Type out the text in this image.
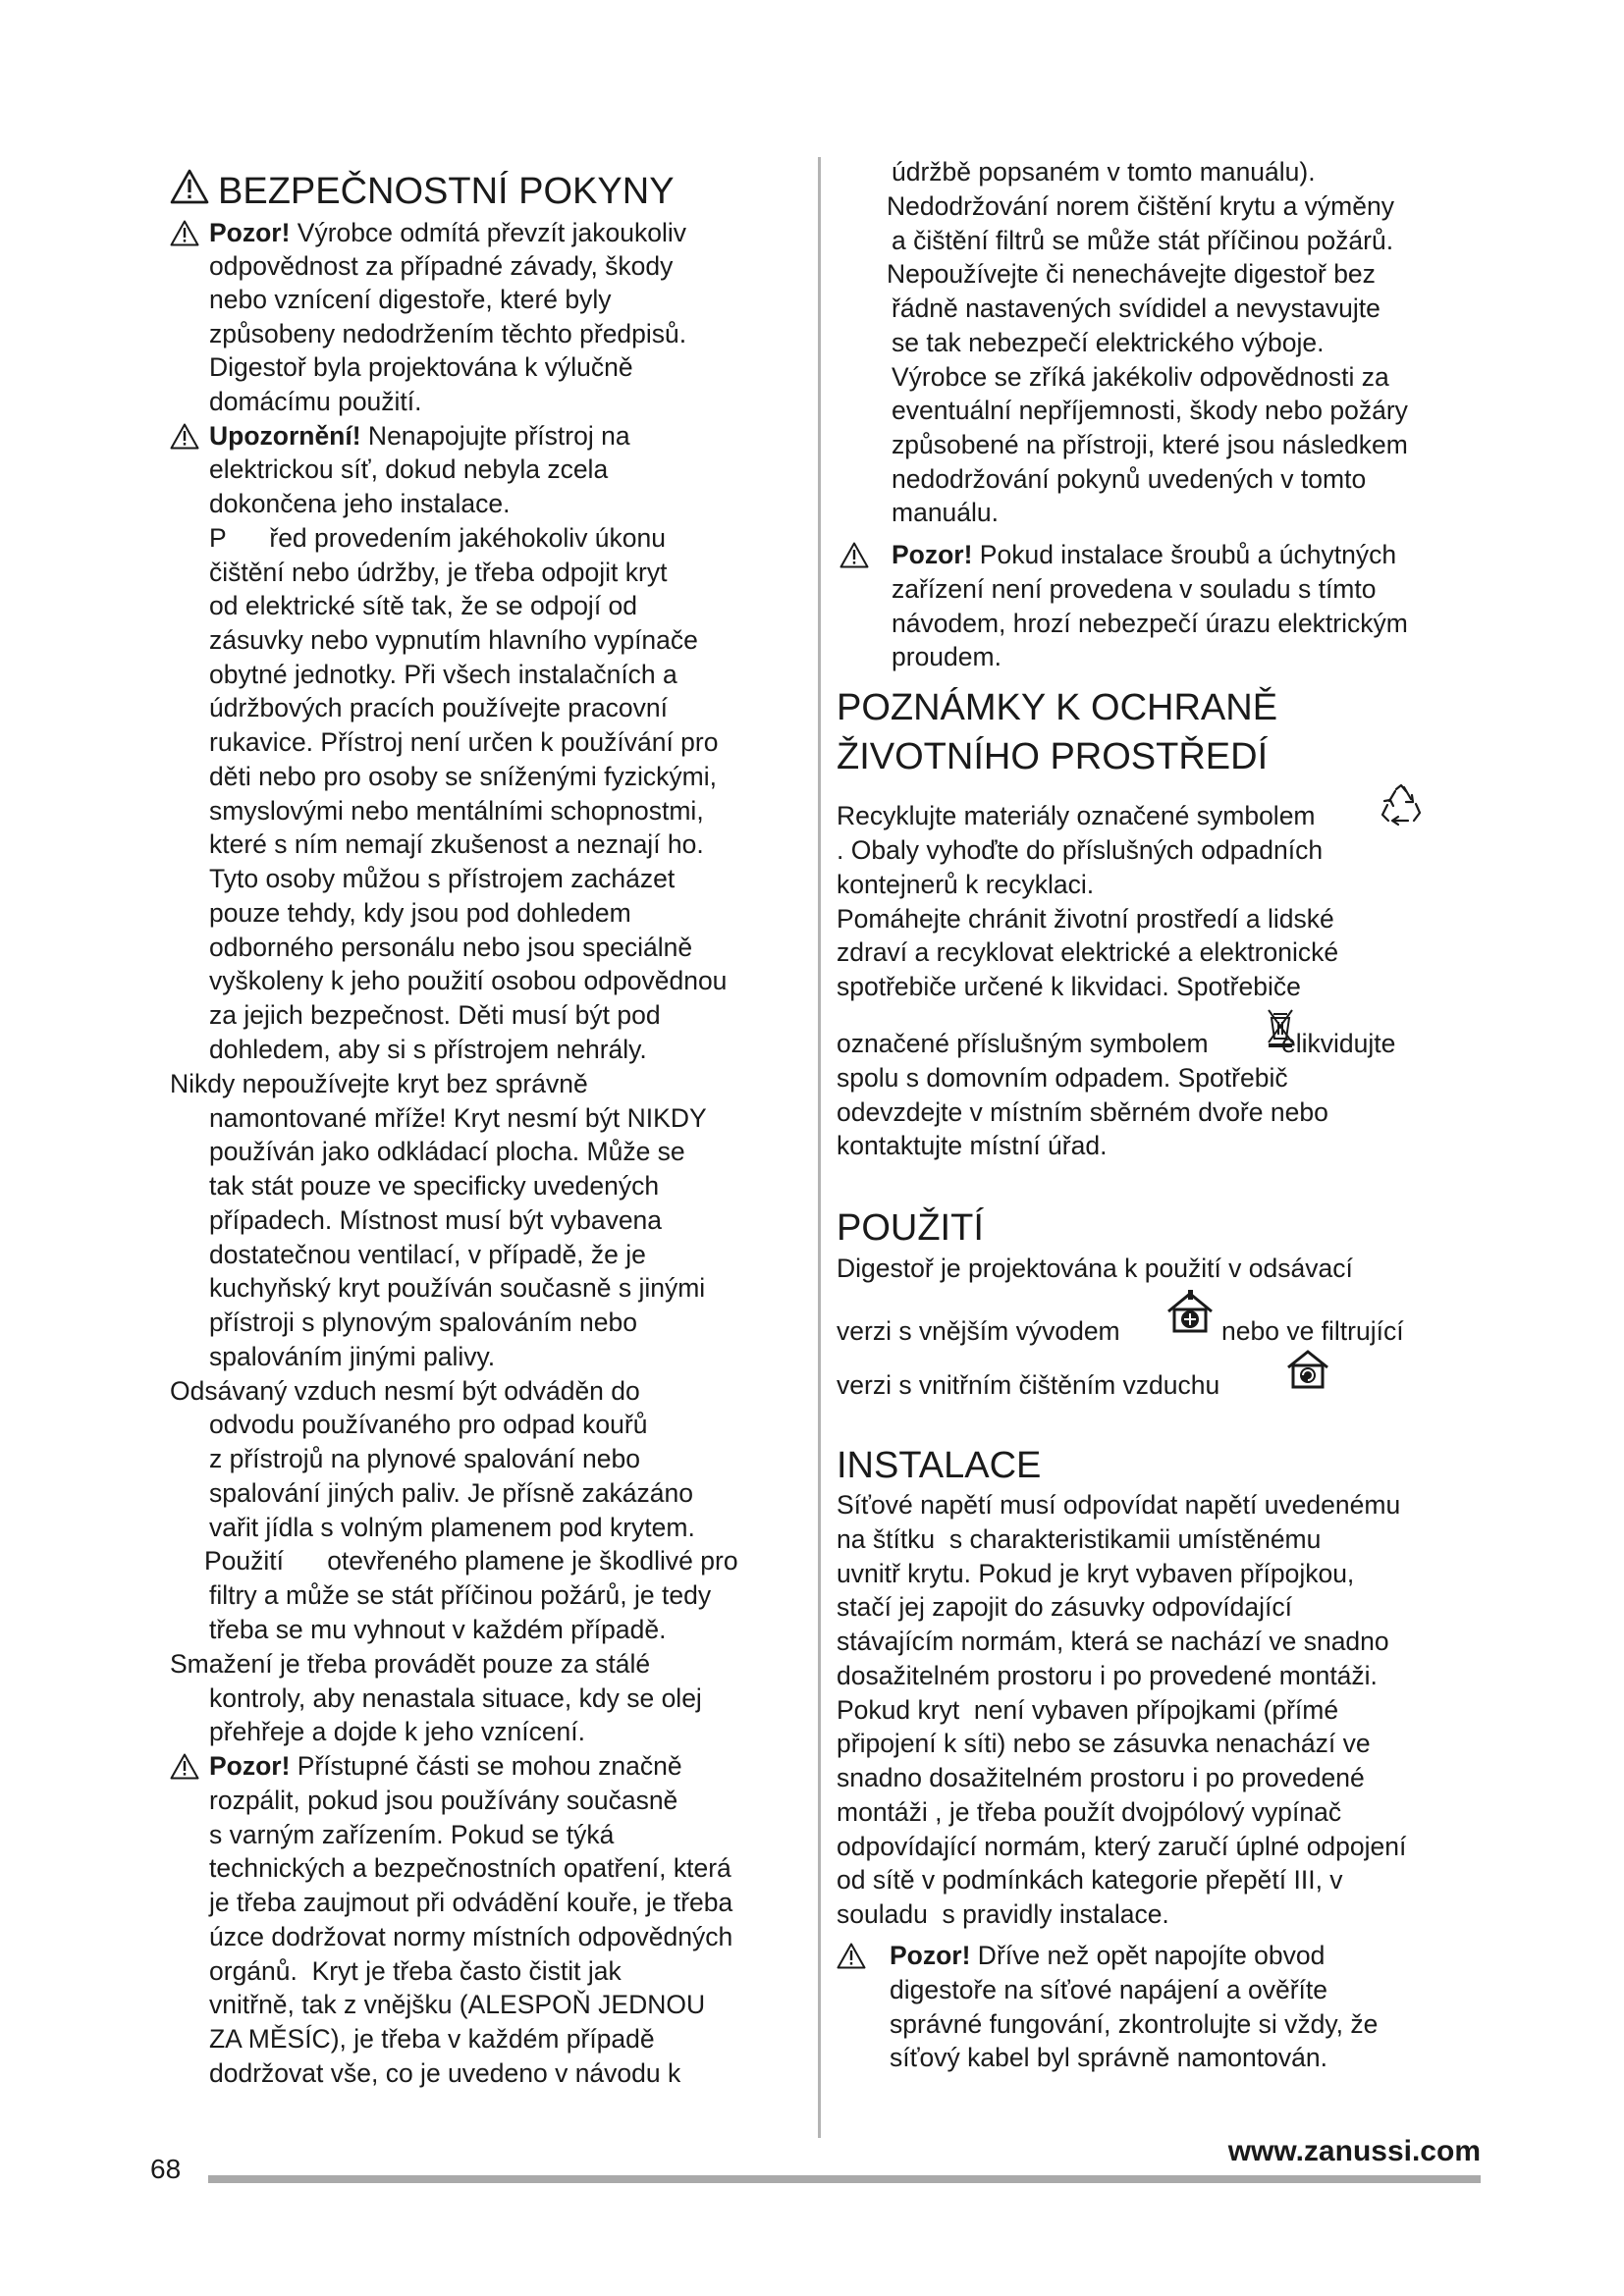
BEZPEČNOSTNÍ POKYNY
Pozor! Výrobce odmítá převzít jakoukoliv
odpovědnost za případné závady, škody
nebo vznícení digestoře, které byly
způsobeny nedodržením těchto předpisů.
Digestoř byla projektována k výlučně
domácímu použití.
Upozornění! Nenapojujte přístroj na
elektrickou síť, dokud nebyla zcela
dokončena jeho instalace.
P      řed provedením jakéhokoliv úkonu
čištění nebo údržby, je třeba odpojit kryt
od elektrické sítě tak, že se odpojí od
zásuvky nebo vypnutím hlavního vypínače
obytné jednotky. Při všech instalačních a
údržbových pracích používejte pracovní
rukavice. Přístroj není určen k používání pro
děti nebo pro osoby se sníženými fyzickými,
smyslovými nebo mentálními schopnostmi,
které s ním nemají zkušenost a neznají ho.
Tyto osoby můžou s přístrojem zacházet
pouze tehdy, kdy jsou pod dohledem
odborného personálu nebo jsou speciálně
vyškoleny k jeho použití osobou odpovědnou
za jejich bezpečnost. Děti musí být pod
dohledem, aby si s přístrojem nehrály.
Nikdy nepoužívejte kryt bez správně
namontované mříže! Kryt nesmí být NIKDY
používán jako odkládací plocha. Může se
tak stát pouze ve specificky uvedených
případech. Místnost musí být vybavena
dostatečnou ventilací, v případě, že je
kuchyňský kryt používán současně s jinými
přístroji s plynovým spalováním nebo
spalováním jinými palivy.
Odsávaný vzduch nesmí být odváděn do
odvodu používaného pro odpad kouřů
z přístrojů na plynové spalování nebo
spalování jiných paliv. Je přísně zakázáno
vařit jídla s volným plamenem pod krytem.
Použití      otevřeného plamene je škodlivé pro
filtry a může se stát příčinou požárů, je tedy
třeba se mu vyhnout v každém případě.
Smažení je třeba provádět pouze za stálé
kontroly, aby nenastala situace, kdy se olej
přehřeje a dojde k jeho vznícení.
Pozor! Přístupné části se mohou značně
rozpálit, pokud jsou používány současně
s varným zařízením. Pokud se týká
technických a bezpečnostních opatření, která
je třeba zaujmout při odvádění kouře, je třeba
úzce dodržovat normy místních odpovědných
orgánů.  Kryt je třeba často čistit jak
vnitřně, tak z vnějšku (ALESPOŇ JEDNOU
ZA MĚSÍC), je třeba v každém případě
dodržovat vše, co je uvedeno v návodu k
údržbě popsaném v tomto manuálu).
Nedodržování norem čištění krytu a výměny
a čištění filtrů se může stát příčinou požárů.
Nepoužívejte či nenechávejte digestoř bez
řádně nastavených svídidel a nevystavujte
se tak nebezpečí elektrického výboje.
Výrobce se zříká jakékoliv odpovědnosti za
eventuální nepříjemnosti, škody nebo požáry
způsobené na přístroji, které jsou následkem
nedodržování pokynů uvedených v tomto
manuálu.
Pozor! Pokud instalace šroubů a úchytných
zařízení není provedena v souladu s tímto
návodem, hrozí nebezpečí úrazu elektrickým
proudem.
POZNÁMKY K OCHRANĚ
ŽIVOTNÍHO PROSTŘEDÍ
Recyklujte materiály označené symbolem
. Obaly vyhoďte do příslušných odpadních
kontejnerů k recyklaci.
Pomáhejte chránit životní prostředí a lidské
zdraví a recyklovat elektrické a elektronické
spotřebiče určené k likvidaci. Spotřebiče
označené příslušným symbolem	elikvidujte
spolu s domovním odpadem. Spotřebič
odevzdejte v místním sběrném dvoře nebo
kontaktujte místní úřad.
POUŽITÍ
Digestoř je projektována k použití v odsávací
verzi s vnějším vývodem	nebo ve filtrující
verzi s vnitřním čištěním vzduchu
INSTALACE
Síťové napětí musí odpovídat napětí uvedenému
na štítku  s charakteristikamii umístěnému
uvnitř krytu. Pokud je kryt vybaven přípojkou,
stačí jej zapojit do zásuvky odpovídající
stávajícím normám, která se nachází ve snadno
dosažitelném prostoru i po provedené montáži.
Pokud kryt  není vybaven přípojkami (přímé
připojení k síti) nebo se zásuvka nenachází ve
snadno dosažitelném prostoru i po provedené
montáži , je třeba použít dvojpólový vypínač
odpovídající normám, který zaručí úplné odpojení
od sítě v podmínkách kategorie přepětí III, v
souladu  s pravidly instalace.
Pozor! Dříve než opět napojíte obvod
digestoře na síťové napájení a ověříte
správné fungování, zkontrolujte si vždy, že
síťový kabel byl správně namontován.
68
www.zanussi.com
